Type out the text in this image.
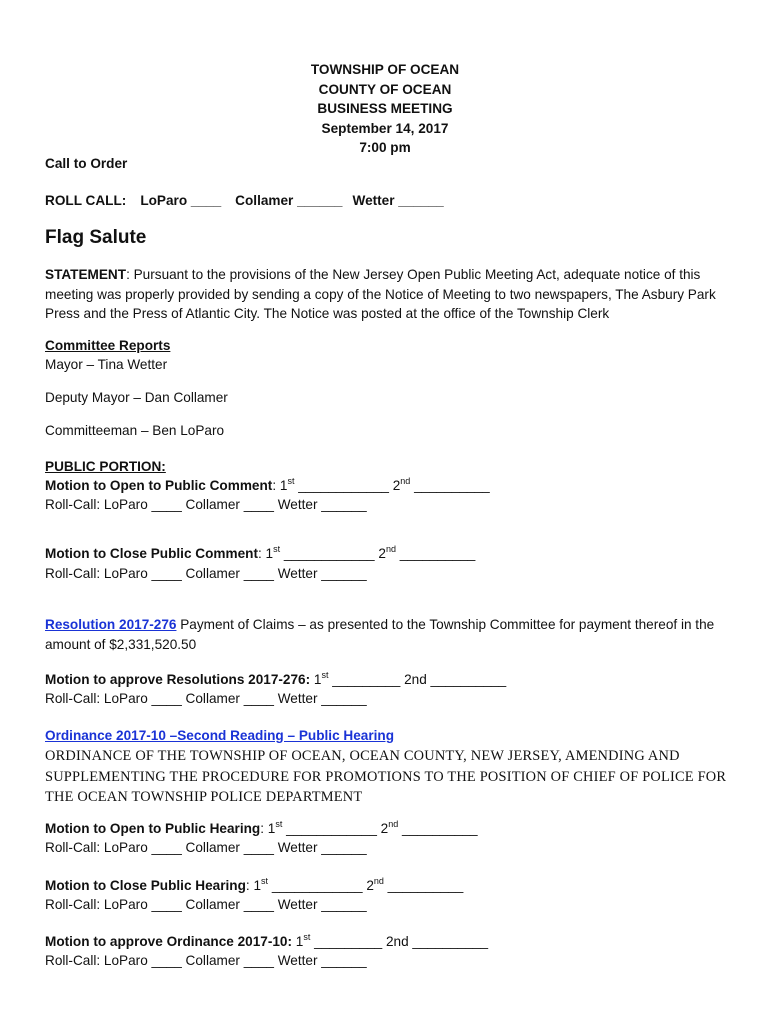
TOWNSHIP OF OCEAN
COUNTY OF OCEAN
BUSINESS MEETING
September 14, 2017
7:00 pm
Call to Order
ROLL CALL: LoParo ____ Collamer ______ Wetter ______
Flag Salute
STATEMENT: Pursuant to the provisions of the New Jersey Open Public Meeting Act, adequate notice of this meeting was properly provided by sending a copy of the Notice of Meeting to two newspapers, The Asbury Park Press and the Press of Atlantic City. The Notice was posted at the office of the Township Clerk
Committee Reports
Mayor – Tina Wetter
Deputy Mayor – Dan Collamer
Committeeman – Ben LoParo
PUBLIC PORTION:
Motion to Open to Public Comment: 1st ____________ 2nd __________
Roll-Call: LoParo ____ Collamer ____ Wetter ______
Motion to Close Public Comment: 1st ____________ 2nd __________
Roll-Call: LoParo ____ Collamer ____ Wetter ______
Resolution 2017-276 Payment of Claims – as presented to the Township Committee for payment thereof in the amount of $2,331,520.50
Motion to approve Resolutions 2017-276: 1st _________ 2nd __________
Roll-Call: LoParo ____ Collamer ____ Wetter ______
Ordinance 2017-10 –Second Reading – Public Hearing
ORDINANCE OF THE TOWNSHIP OF OCEAN, OCEAN COUNTY, NEW JERSEY, AMENDING AND SUPPLEMENTING THE PROCEDURE FOR PROMOTIONS TO THE POSITION OF CHIEF OF POLICE FOR THE OCEAN TOWNSHIP POLICE DEPARTMENT
Motion to Open to Public Hearing: 1st ____________ 2nd __________
Roll-Call: LoParo ____ Collamer ____ Wetter ______
Motion to Close Public Hearing: 1st ____________ 2nd __________
Roll-Call: LoParo ____ Collamer ____ Wetter ______
Motion to approve Ordinance 2017-10: 1st _________ 2nd __________
Roll-Call: LoParo ____ Collamer ____ Wetter ______
